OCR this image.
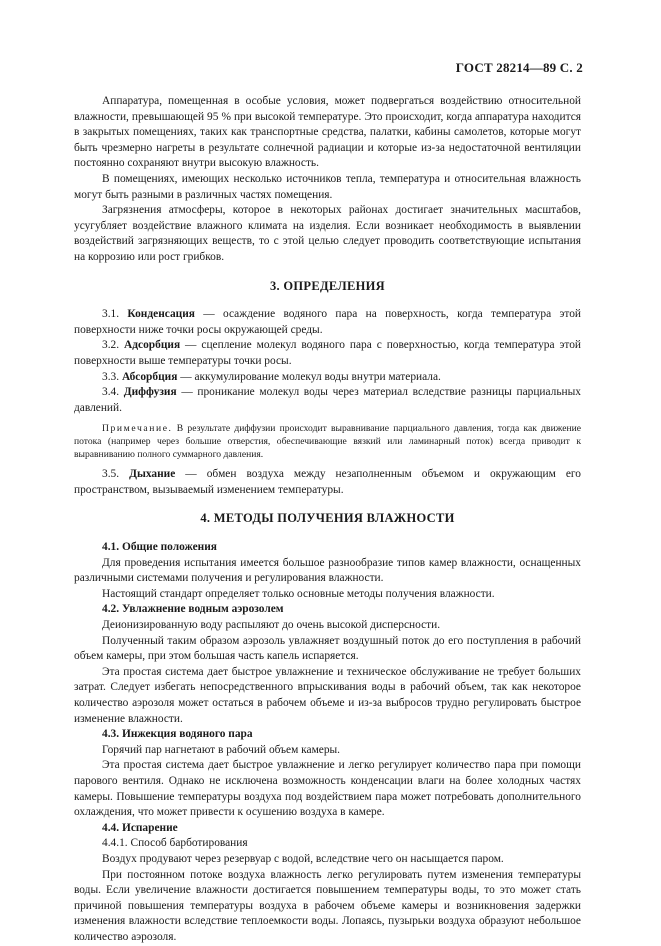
ГОСТ 28214—89 С. 2

Аппаратура, помещенная в особые условия, может подвергаться воздействию относительной влажности, превышающей 95 % при высокой температуре. Это происходит, когда аппаратура находится в закрытых помещениях, таких как транспортные средства, палатки, кабины самолетов, которые могут быть чрезмерно нагреты в результате солнечной радиации и которые из-за недостаточной вентиляции постоянно сохраняют внутри высокую влажность.

В помещениях, имеющих несколько источников тепла, температура и относительная влажность могут быть разными в различных частях помещения.

Загрязнения атмосферы, которое в некоторых районах достигает значительных масштабов, усугубляет воздействие влажного климата на изделия. Если возникает необходимость в выявлении воздействий загрязняющих веществ, то с этой целью следует проводить соответствующие испытания на коррозию или рост грибков.

3. ОПРЕДЕЛЕНИЯ

3.1. Конденсация — осаждение водяного пара на поверхность, когда температура этой поверхности ниже точки росы окружающей среды.

3.2. Адсорбция — сцепление молекул водяного пара с поверхностью, когда температура этой поверхности выше температуры точки росы.

3.3. Абсорбция — аккумулирование молекул воды внутри материала.

3.4. Диффузия — проникание молекул воды через материал вследствие разницы парциальных давлений.

Примечание. В результате диффузии происходит выравнивание парциального давления, тогда как движение потока (например через большие отверстия, обеспечивающие вязкий или ламинарный поток) всегда приводит к выравниванию полного суммарного давления.

3.5. Дыхание — обмен воздуха между незаполненным объемом и окружающим его пространством, вызываемый изменением температуры.

4. МЕТОДЫ ПОЛУЧЕНИЯ ВЛАЖНОСТИ

4.1. Общие положения

Для проведения испытания имеется большое разнообразие типов камер влажности, оснащенных различными системами получения и регулирования влажности.

Настоящий стандарт определяет только основные методы получения влажности.

4.2. Увлажнение водным аэрозолем

Деионизированную воду распыляют до очень высокой дисперсности.

Полученный таким образом аэрозоль увлажняет воздушный поток до его поступления в рабочий объем камеры, при этом большая часть капель испаряется.

Эта простая система дает быстрое увлажнение и техническое обслуживание не требует больших затрат. Следует избегать непосредственного впрыскивания воды в рабочий объем, так как некоторое количество аэрозоля может остаться в рабочем объеме и из-за выбросов трудно регулировать быстрое изменение влажности.

4.3. Инжекция водяного пара

Горячий пар нагнетают в рабочий объем камеры.

Эта простая система дает быстрое увлажнение и легко регулирует количество пара при помощи парового вентиля. Однако не исключена возможность конденсации влаги на более холодных частях камеры. Повышение температуры воздуха под воздействием пара может потребовать дополнительного охлаждения, что может привести к осушению воздуха в камере.

4.4. Испарение

4.4.1. Способ барботирования

Воздух продувают через резервуар с водой, вследствие чего он насыщается паром.

При постоянном потоке воздуха влажность легко регулировать путем изменения температуры воды. Если увеличение влажности достигается повышением температуры воды, то это может стать причиной повышения температуры воздуха в рабочем объеме камеры и возникновения задержки изменения влажности вследствие теплоемкости воды. Лопаясь, пузырьки воздуха образуют небольшое количество аэрозоля.
